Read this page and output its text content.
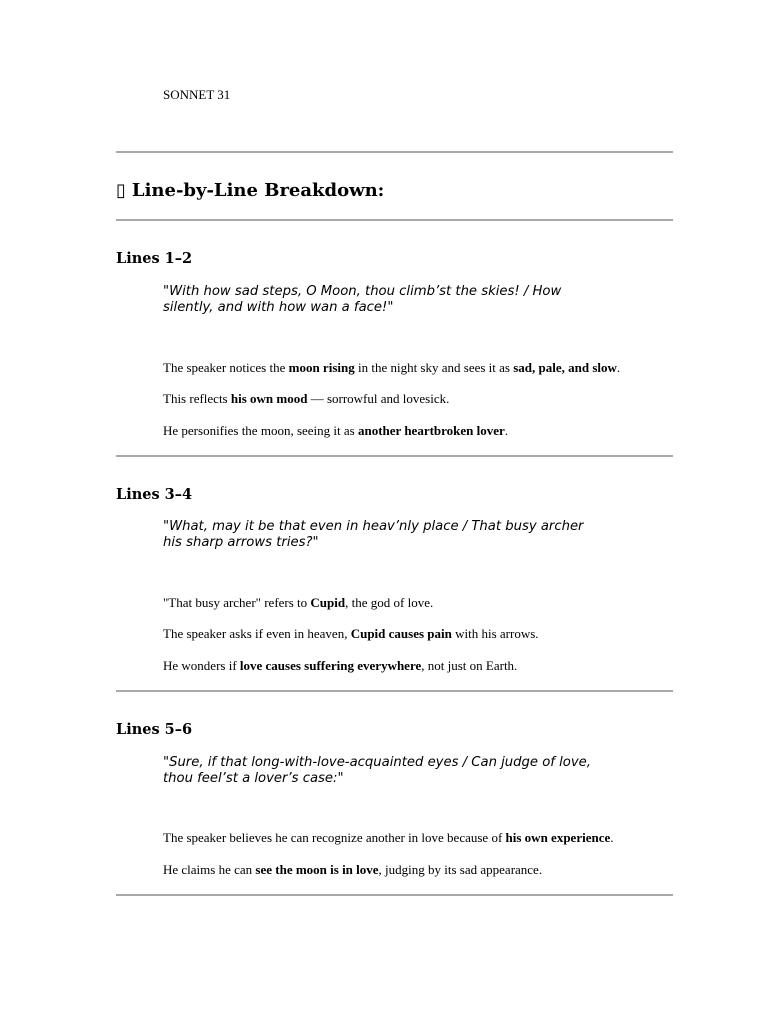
SONNET 31
▯ Line-by-Line Breakdown:
Lines 1–2
"With how sad steps, O Moon, thou climb’st the skies! / How
silently, and with how wan a face!"
The speaker notices the moon rising in the night sky and sees it as sad, pale, and slow.
This reflects his own mood — sorrowful and lovesick.
He personifies the moon, seeing it as another heartbroken lover.
Lines 3–4
"What, may it be that even in heav’nly place / That busy archer
his sharp arrows tries?"
"That busy archer" refers to Cupid, the god of love.
The speaker asks if even in heaven, Cupid causes pain with his arrows.
He wonders if love causes suffering everywhere, not just on Earth.
Lines 5–6
"Sure, if that long-with-love-acquainted eyes / Can judge of love,
thou feel’st a lover’s case:"
The speaker believes he can recognize another in love because of his own experience.
He claims he can see the moon is in love, judging by its sad appearance.
